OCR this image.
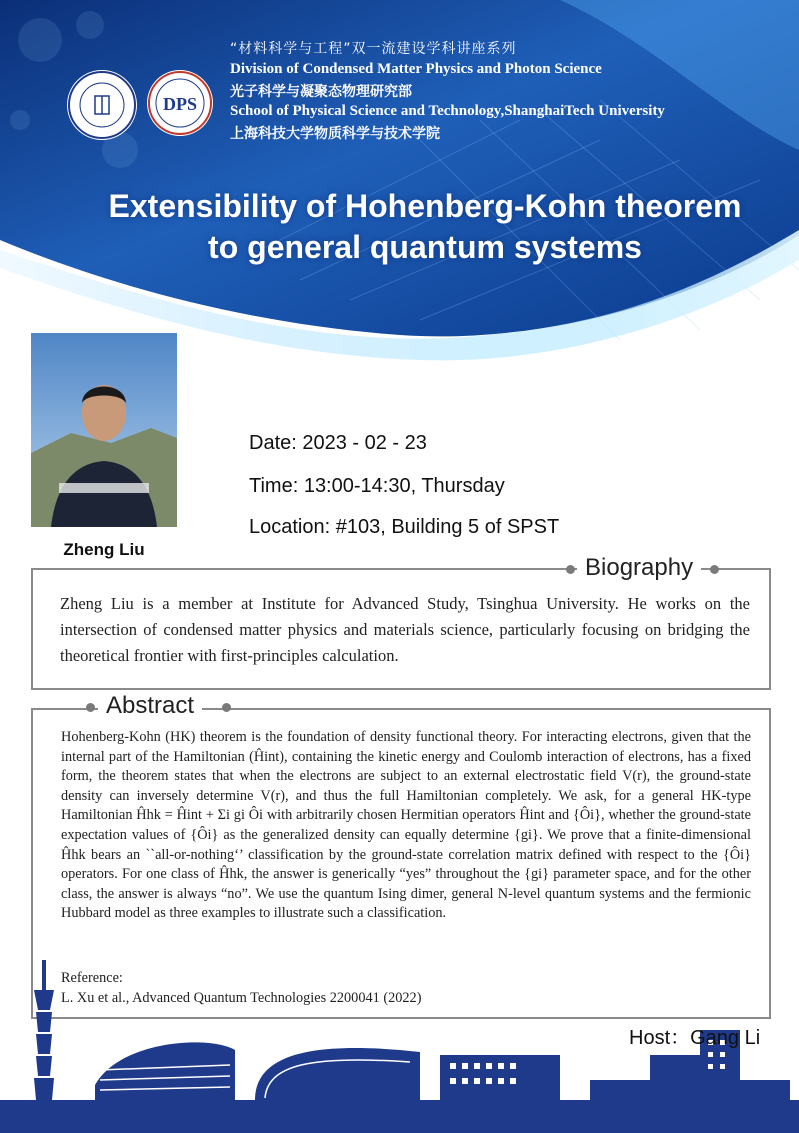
DPS
“材料科学与工程”双一流建设学科讲座系列
Division of Condensed Matter Physics and Photon Science
光子科学与凝聚态物理研究部
School of Physical Science and Technology,ShanghaiTech University
上海科技大学物质科学与技术学院
Extensibility of Hohenberg-Kohn theorem
to general quantum systems
Zheng Liu
Date: 2023 - 02 - 23
Time: 13:00-14:30, Thursday
Location: #103, Building 5 of SPST
Biography
Zheng Liu is a member at Institute for Advanced Study, Tsinghua University. He works on the intersection of condensed matter physics and materials science, particularly focusing on bridging the theoretical frontier with first-principles calculation.
Abstract
Hohenberg-Kohn (HK) theorem is the foundation of density functional theory. For interacting electrons, given that the internal part of the Hamiltonian (Ĥint), containing the kinetic energy and Coulomb interaction of electrons, has a fixed form, the theorem states that when the electrons are subject to an external electrostatic field V(r), the ground-state density can inversely determine V(r), and thus the full Hamiltonian completely. We ask, for a general HK-type Hamiltonian Ĥhk = Ĥint + Σi gi Ôi with arbitrarily chosen Hermitian operators Ĥint and {Ôi}, whether the ground-state expectation values of {Ôi} as the generalized density can equally determine {gi}. We prove that a finite-dimensional Ĥhk bears an ``all-or-nothing‘’ classification by the ground-state correlation matrix defined with respect to the {Ôi} operators. For one class of Ĥhk, the answer is generically “yes” throughout the {gi} parameter space, and for the other class, the answer is always “no”. We use the quantum Ising dimer, general N-level quantum systems and the fermionic Hubbard model as three examples to illustrate such a classification.
Reference:
L. Xu et al., Advanced Quantum Technologies 2200041 (2022)
Host：Gang Li
